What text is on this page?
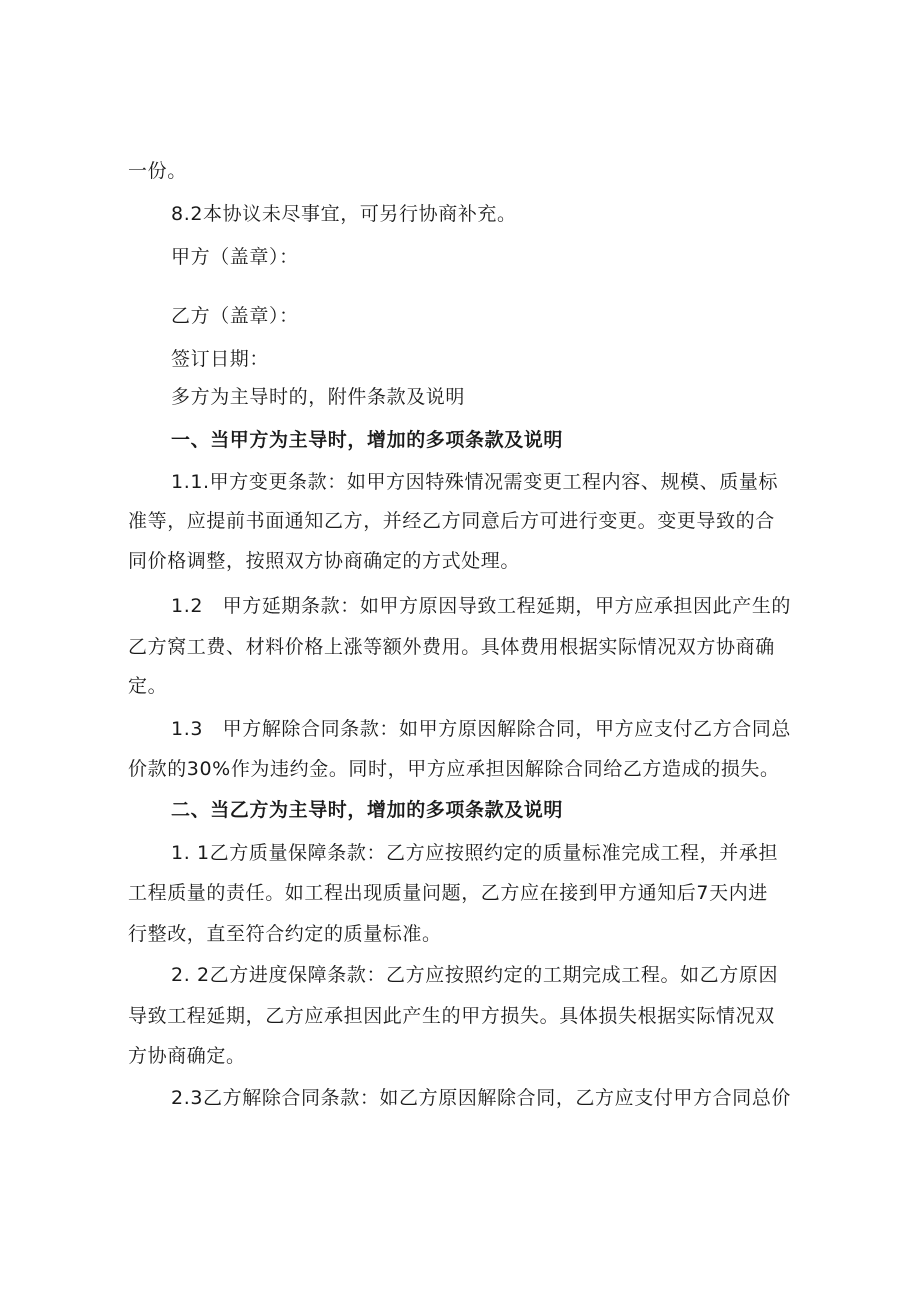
一份。
8.2本协议未尽事宜，可另行协商补充。
甲方（盖章）：
乙方（盖章）：
签订日期：
多方为主导时的，附件条款及说明
一、当甲方为主导时，增加的多项条款及说明
1.1.甲方变更条款：如甲方因特殊情况需变更工程内容、规模、质量标
准等，应提前书面通知乙方，并经乙方同意后方可进行变更。变更导致的合
同价格调整，按照双方协商确定的方式处理。
1.2　甲方延期条款：如甲方原因导致工程延期，甲方应承担因此产生的
乙方窝工费、材料价格上涨等额外费用。具体费用根据实际情况双方协商确
定。
1.3　甲方解除合同条款：如甲方原因解除合同，甲方应支付乙方合同总
价款的30%作为违约金。同时，甲方应承担因解除合同给乙方造成的损失。
二、当乙方为主导时，增加的多项条款及说明
1. 1乙方质量保障条款：乙方应按照约定的质量标准完成工程，并承担
工程质量的责任。如工程出现质量问题，乙方应在接到甲方通知后7天内进
行整改，直至符合约定的质量标准。
2. 2乙方进度保障条款：乙方应按照约定的工期完成工程。如乙方原因
导致工程延期，乙方应承担因此产生的甲方损失。具体损失根据实际情况双
方协商确定。
2.3乙方解除合同条款：如乙方原因解除合同，乙方应支付甲方合同总价
